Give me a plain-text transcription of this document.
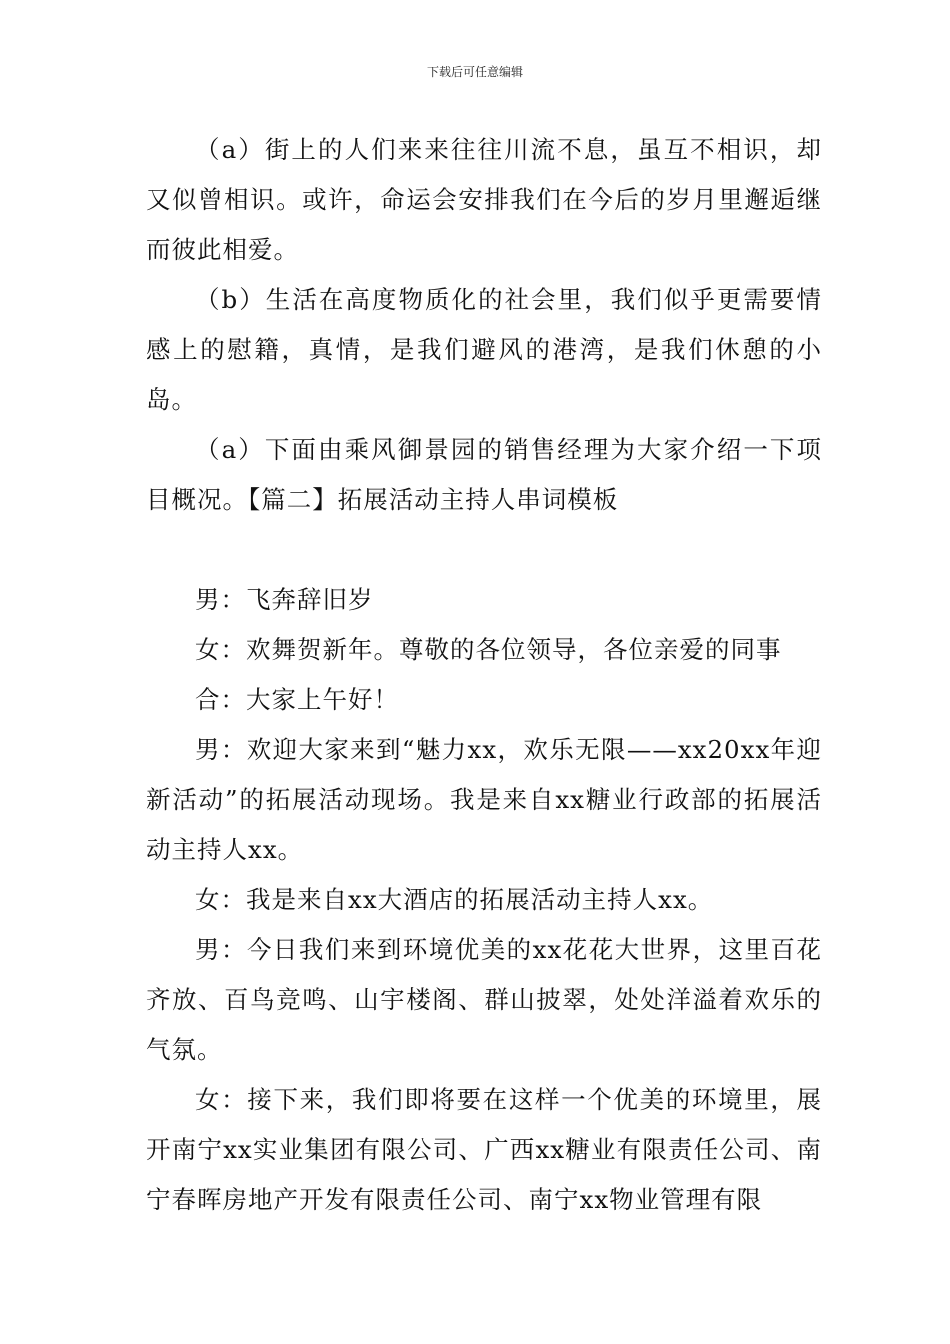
下载后可任意编辑

（a）街上的人们来来往往川流不息，虽互不相识，却又似曾相识。或许，命运会安排我们在今后的岁月里邂逅继而彼此相爱。

（b）生活在高度物质化的社会里，我们似乎更需要情感上的慰籍，真情，是我们避风的港湾，是我们休憩的小岛。

（a）下面由乘风御景园的销售经理为大家介绍一下项目概况。【篇二】拓展活动主持人串词模板

男：飞奔辞旧岁

女：欢舞贺新年。尊敬的各位领导，各位亲爱的同事

合：大家上午好！

男：欢迎大家来到“魅力xx，欢乐无限——xx20xx年迎新活动”的拓展活动现场。我是来自xx糖业行政部的拓展活动主持人xx。

女：我是来自xx大酒店的拓展活动主持人xx。

男：今日我们来到环境优美的xx花花大世界，这里百花齐放、百鸟竞鸣、山宇楼阁、群山披翠，处处洋溢着欢乐的气氛。

女：接下来，我们即将要在这样一个优美的环境里，展开南宁xx实业集团有限公司、广西xx糖业有限责任公司、南宁春晖房地产开发有限责任公司、南宁xx物业管理有限
